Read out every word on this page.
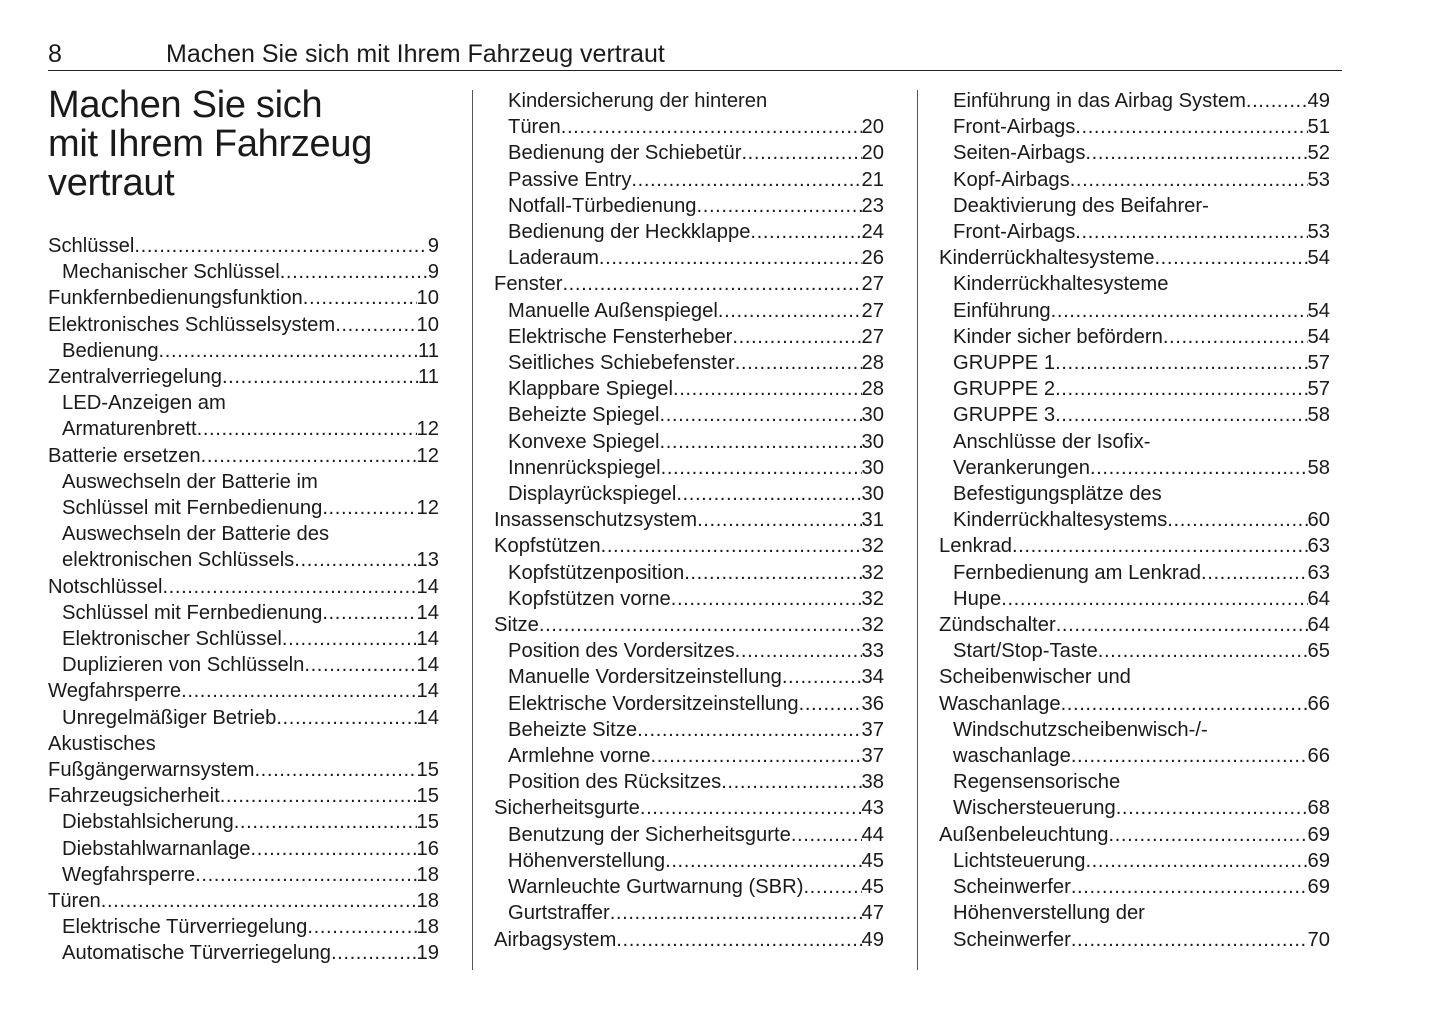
8	Machen Sie sich mit Ihrem Fahrzeug vertraut
Machen Sie sich
mit Ihrem Fahrzeug
vertraut
Schlüssel .....	9
Mechanischer Schlüssel .....	9
Funkfernbedienungsfunktion .....	10
Elektronisches Schlüsselsystem .....	10
Bedienung .....	11
Zentralverriegelung .....	11
LED-Anzeigen am
Armaturenbrett .....	12
Batterie ersetzen .....	12
Auswechseln der Batterie im
Schlüssel mit Fernbedienung .....	12
Auswechseln der Batterie des
elektronischen Schlüssels .....	13
Notschlüssel .....	14
Schlüssel mit Fernbedienung .....	14
Elektronischer Schlüssel .....	14
Duplizieren von Schlüsseln .....	14
Wegfahrsperre .....	14
Unregelmäßiger Betrieb .....	14
Akustisches
Fußgängerwarnsystem .....	15
Fahrzeugsicherheit .....	15
Diebstahlsicherung .....	15
Diebstahlwarnanlage .....	16
Wegfahrsperre .....	18
Türen .....	18
Elektrische Türverriegelung .....	18
Automatische Türverriegelung .....	19
Kindersicherung der hinteren
Türen .....	20
Bedienung der Schiebetür .....	20
Passive Entry .....	21
Notfall-Türbedienung .....	23
Bedienung der Heckklappe .....	24
Laderaum .....	26
Fenster .....	27
Manuelle Außenspiegel .....	27
Elektrische Fensterheber .....	27
Seitliches Schiebefenster .....	28
Klappbare Spiegel .....	28
Beheizte Spiegel .....	30
Konvexe Spiegel .....	30
Innenrückspiegel .....	30
Displayrückspiegel .....	30
Insassenschutzsystem .....	31
Kopfstützen .....	32
Kopfstützenposition .....	32
Kopfstützen vorne .....	32
Sitze .....	32
Position des Vordersitzes .....	33
Manuelle Vordersitzeinstellung .....	34
Elektrische Vordersitzeinstellung .....	36
Beheizte Sitze .....	37
Armlehne vorne .....	37
Position des Rücksitzes .....	38
Sicherheitsgurte .....	43
Benutzung der Sicherheitsgurte .....	44
Höhenverstellung .....	45
Warnleuchte Gurtwarnung (SBR) .....	45
Gurtstraffer .....	47
Airbagsystem .....	49
Einführung in das Airbag System .....	49
Front-Airbags .....	51
Seiten-Airbags .....	52
Kopf-Airbags .....	53
Deaktivierung des Beifahrer-
Front-Airbags .....	53
Kinderrückhaltesysteme .....	54
Kinderrückhaltesysteme
Einführung .....	54
Kinder sicher befördern .....	54
GRUPPE 1 .....	57
GRUPPE 2 .....	57
GRUPPE 3 .....	58
Anschlüsse der Isofix-
Verankerungen .....	58
Befestigungsplätze des
Kinderrückhaltesystems .....	60
Lenkrad .....	63
Fernbedienung am Lenkrad .....	63
Hupe .....	64
Zündschalter .....	64
Start/Stop-Taste .....	65
Scheibenwischer und
Waschanlage .....	66
Windschutzscheibenwisch-/-
waschanlage .....	66
Regensensorische
Wischersteuerung .....	68
Außenbeleuchtung .....	69
Lichtsteuerung .....	69
Scheinwerfer .....	69
Höhenverstellung der
Scheinwerfer .....	70
